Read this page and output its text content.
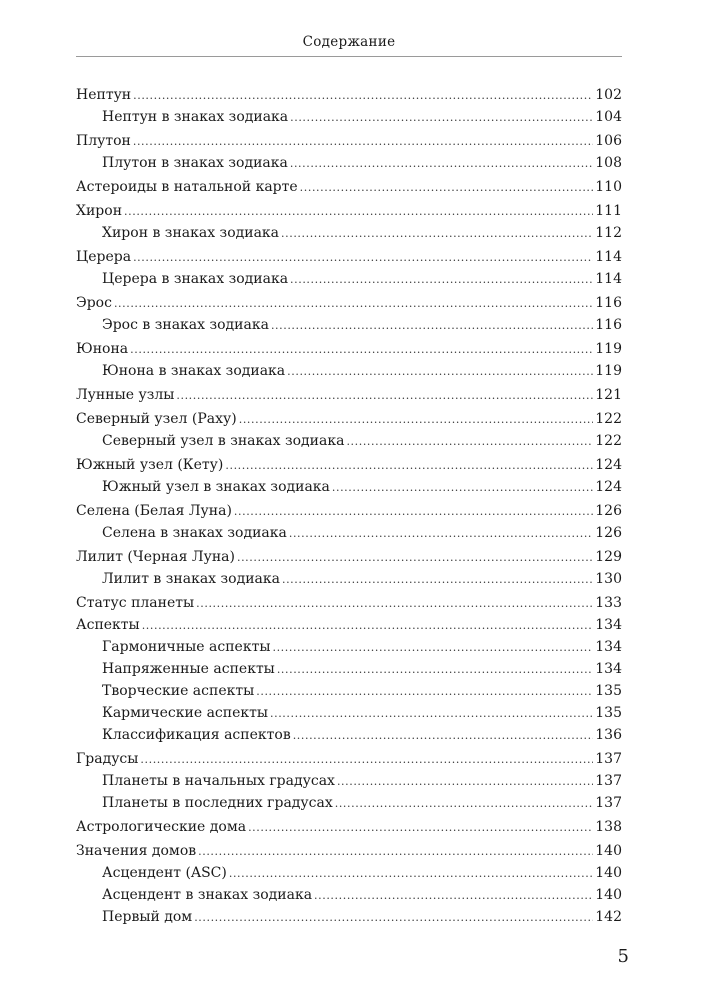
Содержание
Нептун .....	102
Нептун в знаках зодиака .....	104
Плутон .....	106
Плутон в знаках зодиака .....	108
Астероиды в натальной карте .....	110
Хирон .....	111
Хирон в знаках зодиака .....	112
Церера .....	114
Церера в знаках зодиака .....	114
Эрос .....	116
Эрос в знаках зодиака .....	116
Юнона .....	119
Юнона в знаках зодиака .....	119
Лунные узлы .....	121
Северный узел (Раху) .....	122
Северный узел в знаках зодиака .....	122
Южный узел (Кету) .....	124
Южный узел в знаках зодиака .....	124
Селена (Белая Луна) .....	126
Селена в знаках зодиака .....	126
Лилит (Черная Луна) .....	129
Лилит в знаках зодиака .....	130
Статус планеты .....	133
Аспекты .....	134
Гармоничные аспекты .....	134
Напряженные аспекты .....	134
Творческие аспекты .....	135
Кармические аспекты .....	135
Классификация аспектов .....	136
Градусы .....	137
Планеты в начальных градусах .....	137
Планеты в последних градусах .....	137
Астрологические дома .....	138
Значения домов .....	140
Асцендент (ASC) .....	140
Асцендент в знаках зодиака .....	140
Первый дом .....	142
5
